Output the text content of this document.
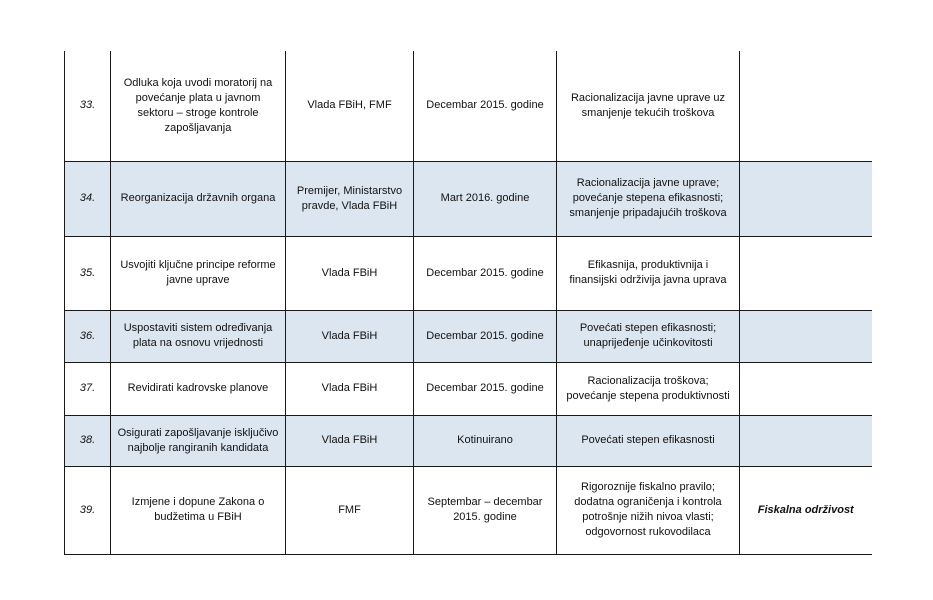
33.	Odluka koja uvodi moratorij na povećanje plata u javnom sektoru – stroge kontrole zapošljavanja	Vlada FBiH, FMF	Decembar 2015. godine	Racionalizacija javne uprave uz smanjenje tekućih troškova	
34.	Reorganizacija državnih organa	Premijer, Ministarstvo pravde, Vlada FBiH	Mart 2016. godine	Racionalizacija javne uprave; povećanje stepena efikasnosti; smanjenje pripadajućih troškova	
35.	Usvojiti ključne principe reforme javne uprave	Vlada FBiH	Decembar 2015. godine	Efikasnija, produktivnija i finansijski održivija javna uprava	
36.	Uspostaviti sistem određivanja plata na osnovu vrijednosti	Vlada FBiH	Decembar 2015. godine	Povećati stepen efikasnosti; unaprijeđenje učinkovitosti	
37.	Revidirati kadrovske planove	Vlada FBiH	Decembar 2015. godine	Racionalizacija troškova; povećanje stepena produktivnosti	
38.	Osigurati zapošljavanje isključivo najbolje rangiranih kandidata	Vlada FBiH	Kotinuirano	Povećati stepen efikasnosti	
39.	Izmjene i dopune Zakona o budžetima u FBiH	FMF	Septembar – decembar 2015. godine	Rigoroznije fiskalno pravilo; dodatna ograničenja i kontrola potrošnje nižih nivoa vlasti; odgovornost rukovodilaca	Fiskalna održivost
